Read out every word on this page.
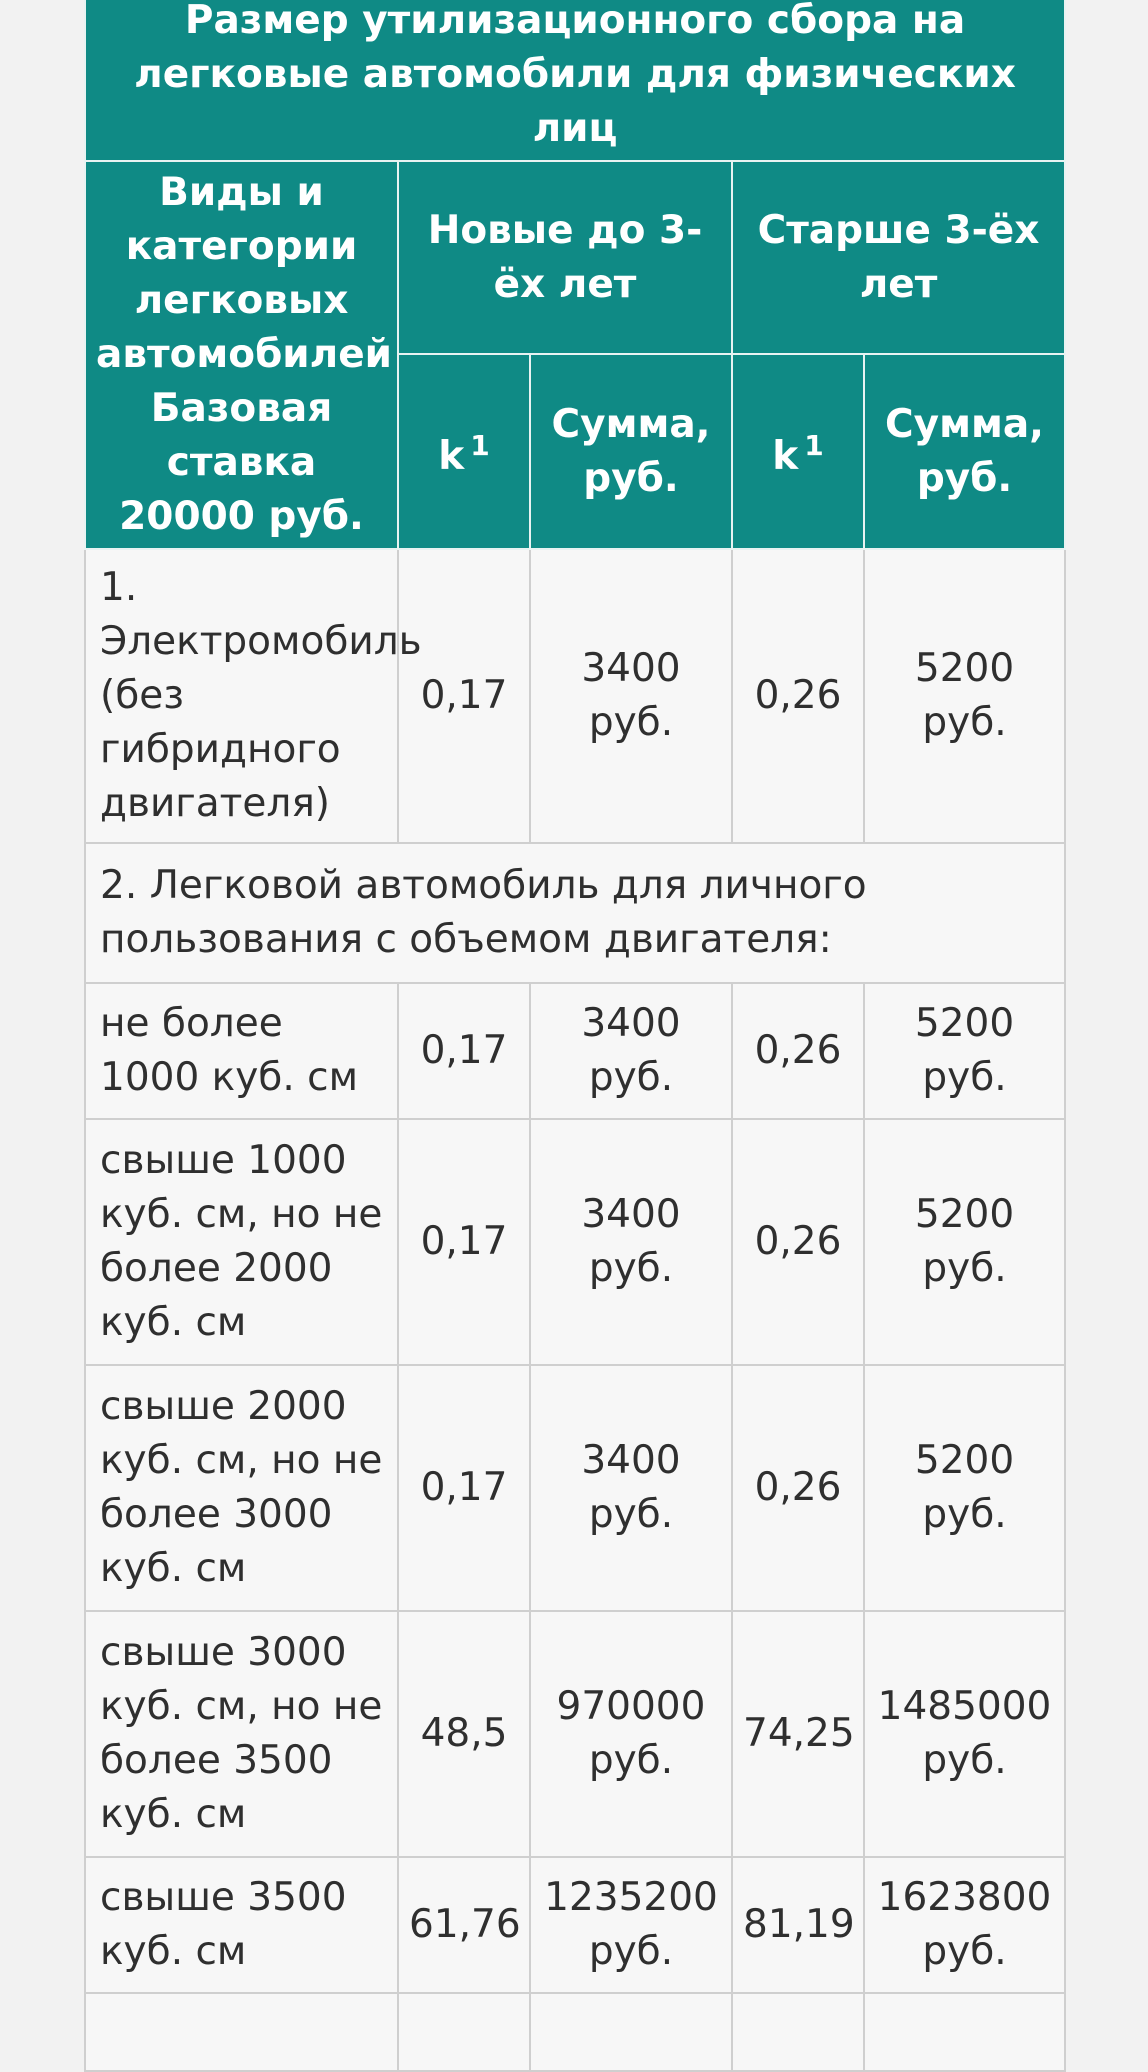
Размер утилизационного сбора на легковые автомобили для физических лиц				
Виды и категории легковых автомобилей Базовая ставка 20000 руб.	Новые до 3-ёх лет		Старше 3-ёх лет	
	k $^1$	Сумма, руб.	k $^1$	Сумма, руб.
1. Электромобиль (без гибридного двигателя)	0,17	3400 руб.	0,26	5200 руб.
2. Легковой автомобиль для личного пользования с объемом двигателя:				
не более 1000 куб. см	0,17	3400 руб.	0,26	5200 руб.
свыше 1000 куб. см, но не более 2000 куб. см	0,17	3400 руб.	0,26	5200 руб.
свыше 2000 куб. см, но не более 3000 куб. см	0,17	3400 руб.	0,26	5200 руб.
свыше 3000 куб. см, но не более 3500 куб. см	48,5	970000 руб.	74,25	1485000 руб.
свыше 3500 куб. см	61,76	1235200 руб.	81,19	1623800 руб.
